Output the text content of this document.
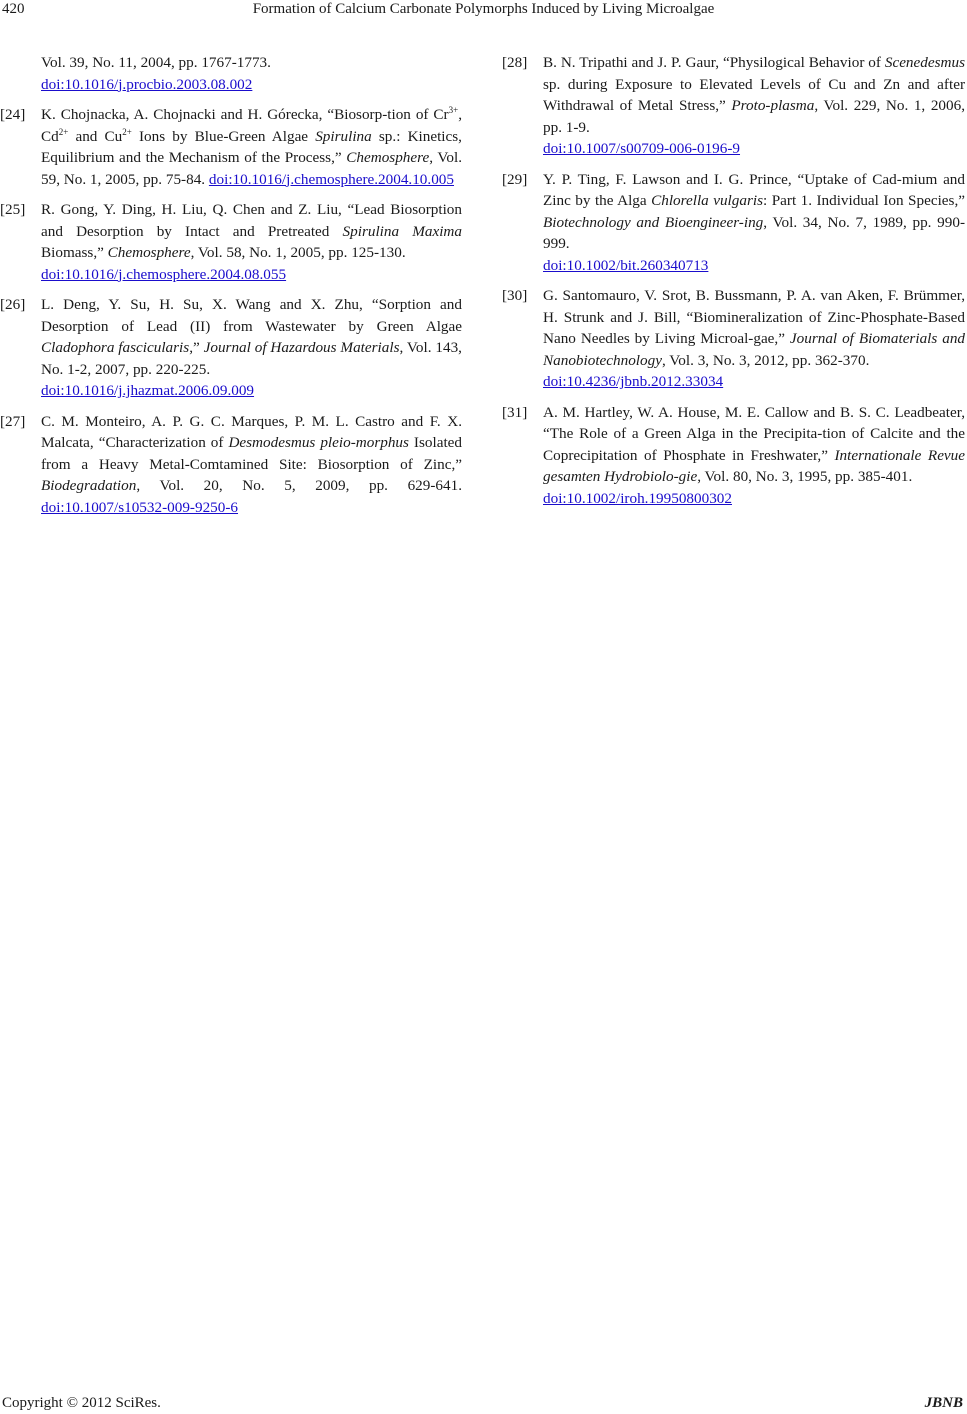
420	Formation of Calcium Carbonate Polymorphs Induced by Living Microalgae
Vol. 39, No. 11, 2004, pp. 1767-1773.
doi:10.1016/j.procbio.2003.08.002
[24] K. Chojnacka, A. Chojnacki and H. Górecka, “Biosorp-tion of $Cr^{3+}$, $Cd^{2+}$ and $Cu^{2+}$ Ions by Blue-Green Algae Spirulina sp.: Kinetics, Equilibrium and the Mechanism of the Process,” Chemosphere, Vol. 59, No. 1, 2005, pp. 75-84. doi:10.1016/j.chemosphere.2004.10.005
[25] R. Gong, Y. Ding, H. Liu, Q. Chen and Z. Liu, “Lead Biosorption and Desorption by Intact and Pretreated Spirulina Maxima Biomass,” Chemosphere, Vol. 58, No. 1, 2005, pp. 125-130.
doi:10.1016/j.chemosphere.2004.08.055
[26] L. Deng, Y. Su, H. Su, X. Wang and X. Zhu, “Sorption and Desorption of Lead (II) from Wastewater by Green Algae Cladophora fascicularis,” Journal of Hazardous Materials, Vol. 143, No. 1-2, 2007, pp. 220-225.
doi:10.1016/j.jhazmat.2006.09.009
[27] C. M. Monteiro, A. P. G. C. Marques, P. M. L. Castro and F. X. Malcata, “Characterization of Desmodesmus pleio-morphus Isolated from a Heavy Metal-Comtamined Site: Biosorption of Zinc,” Biodegradation, Vol. 20, No. 5, 2009, pp. 629-641. doi:10.1007/s10532-009-9250-6
[28] B. N. Tripathi and J. P. Gaur, “Physilogical Behavior of Scenedesmus sp. during Exposure to Elevated Levels of Cu and Zn and after Withdrawal of Metal Stress,” Proto-plasma, Vol. 229, No. 1, 2006, pp. 1-9.
doi:10.1007/s00709-006-0196-9
[29] Y. P. Ting, F. Lawson and I. G. Prince, “Uptake of Cad-mium and Zinc by the Alga Chlorella vulgaris: Part 1. Individual Ion Species,” Biotechnology and Bioengineer-ing, Vol. 34, No. 7, 1989, pp. 990-999.
doi:10.1002/bit.260340713
[30] G. Santomauro, V. Srot, B. Bussmann, P. A. van Aken, F. Brümmer, H. Strunk and J. Bill, “Biomineralization of Zinc-Phosphate-Based Nano Needles by Living Microal-gae,” Journal of Biomaterials and Nanobiotechnology, Vol. 3, No. 3, 2012, pp. 362-370.
doi:10.4236/jbnb.2012.33034
[31] A. M. Hartley, W. A. House, M. E. Callow and B. S. C. Leadbeater, “The Role of a Green Alga in the Precipita-tion of Calcite and the Coprecipitation of Phosphate in Freshwater,” Internationale Revue gesamten Hydrobiolo-gie, Vol. 80, No. 3, 1995, pp. 385-401.
doi:10.1002/iroh.19950800302
Copyright © 2012 SciRes.	JBNB
